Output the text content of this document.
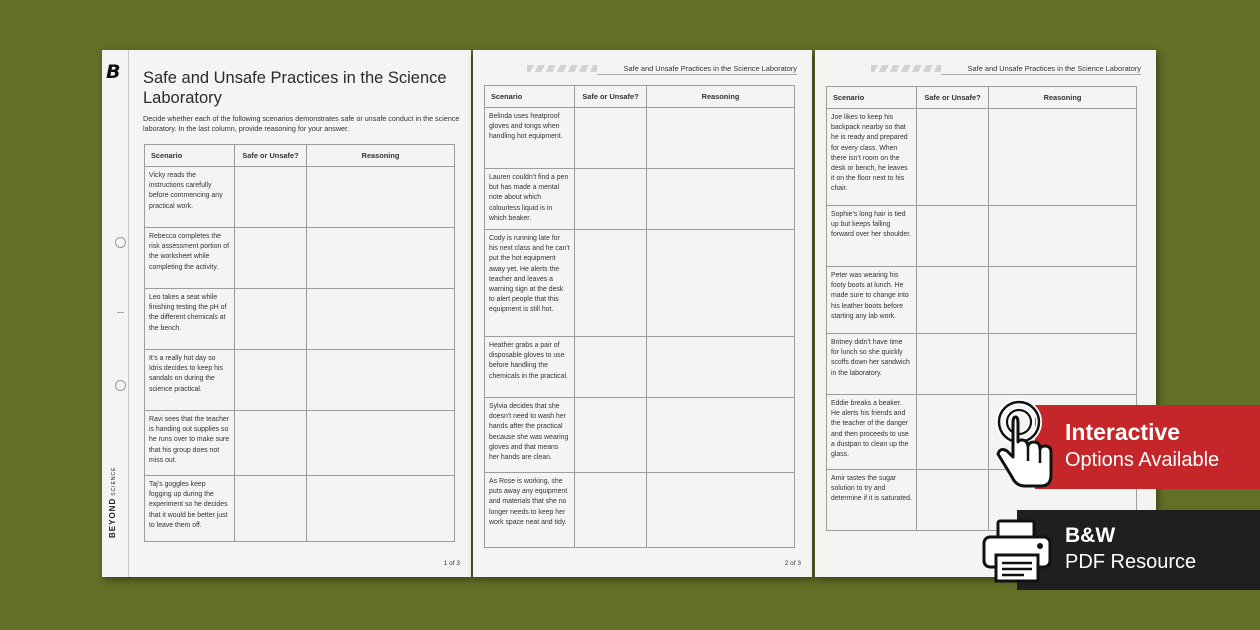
B
BEYONDSCIENCE
Safe and Unsafe Practices in the Science Laboratory
Decide whether each of the following scenarios demonstrates safe or unsafe conduct in the science laboratory. In the last column, provide reasoning for your answer.
Scenario	Safe or Unsafe?	Reasoning
Vicky reads the instructions carefully before commencing any practical work.		
Rebecca completes the risk assessment portion of the worksheet while completing the activity.		
Leo takes a seat while finishing testing the pH of the different chemicals at the bench.		
It’s a really hot day so Idris decides to keep his sandals on during the science practical.		
Ravi sees that the teacher is handing out supplies so he runs over to make sure that his group does not miss out.		
Taj’s goggles keep fogging up during the experiment so he decides that it would be better just to leave them off.		
1 of 3
Safe and Unsafe Practices in the Science Laboratory
Scenario	Safe or Unsafe?	Reasoning
Belinda uses heatproof gloves and tongs when handling hot equipment.		
Lauren couldn’t find a pen but has made a mental note about which colourless liquid is in which beaker.		
Cody is running late for his next class and he can’t put the hot equipment away yet. He alerts the teacher and leaves a warning sign at the desk to alert people that this equipment is still hot.		
Heather grabs a pair of disposable gloves to use before handling the chemicals in the practical.		
Sylvia decides that she doesn’t need to wash her hands after the practical because she was wearing gloves and that means her hands are clean.		
As Rose is working, she puts away any equipment and materials that she no longer needs to keep her work space neat and tidy.		
2 of 3
Safe and Unsafe Practices in the Science Laboratory
Scenario	Safe or Unsafe?	Reasoning
Joe likes to keep his backpack nearby so that he is ready and prepared for every class. When there isn’t room on the desk or bench, he leaves it on the floor next to his chair.		
Sophie’s long hair is tied up but keeps falling forward over her shoulder.		
Peter was wearing his footy boots at lunch. He made sure to change into his leather boots before starting any lab work.		
Britney didn’t have time for lunch so she quickly scoffs down her sandwich in the laboratory.		
Eddie breaks a beaker. He alerts his friends and the teacher of the danger and then proceeds to use a dustpan to clean up the glass.		
Amir tastes the sugar solution to try and determine if it is saturated.		
Interactive
Options Available
B&W
PDF Resource
